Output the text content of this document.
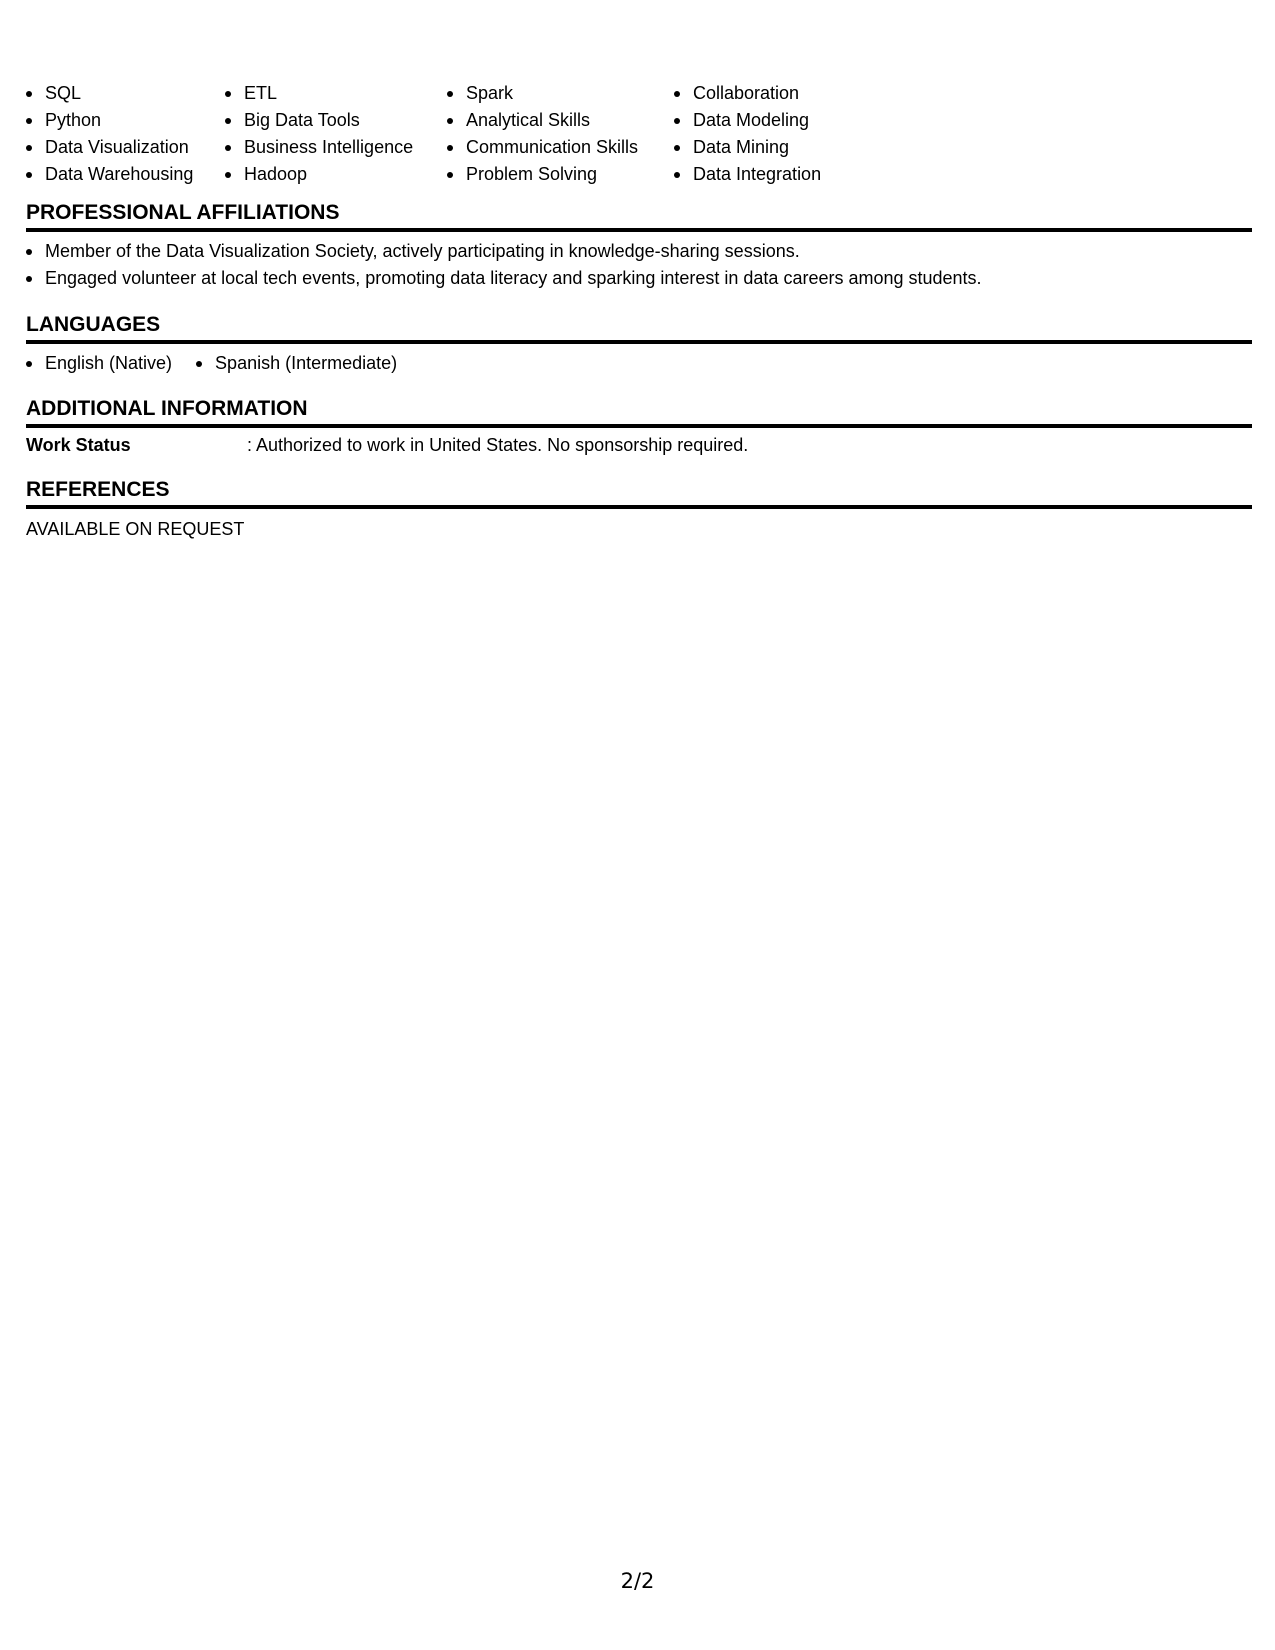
SQL
Python
Data Visualization
Data Warehousing
ETL
Big Data Tools
Business Intelligence
Hadoop
Spark
Analytical Skills
Communication Skills
Problem Solving
Collaboration
Data Modeling
Data Mining
Data Integration
PROFESSIONAL AFFILIATIONS
Member of the Data Visualization Society, actively participating in knowledge-sharing sessions.
Engaged volunteer at local tech events, promoting data literacy and sparking interest in data careers among students.
LANGUAGES
English (Native)	Spanish (Intermediate)
ADDITIONAL INFORMATION
Work Status	: Authorized to work in United States. No sponsorship required.
REFERENCES
AVAILABLE ON REQUEST
2/2
